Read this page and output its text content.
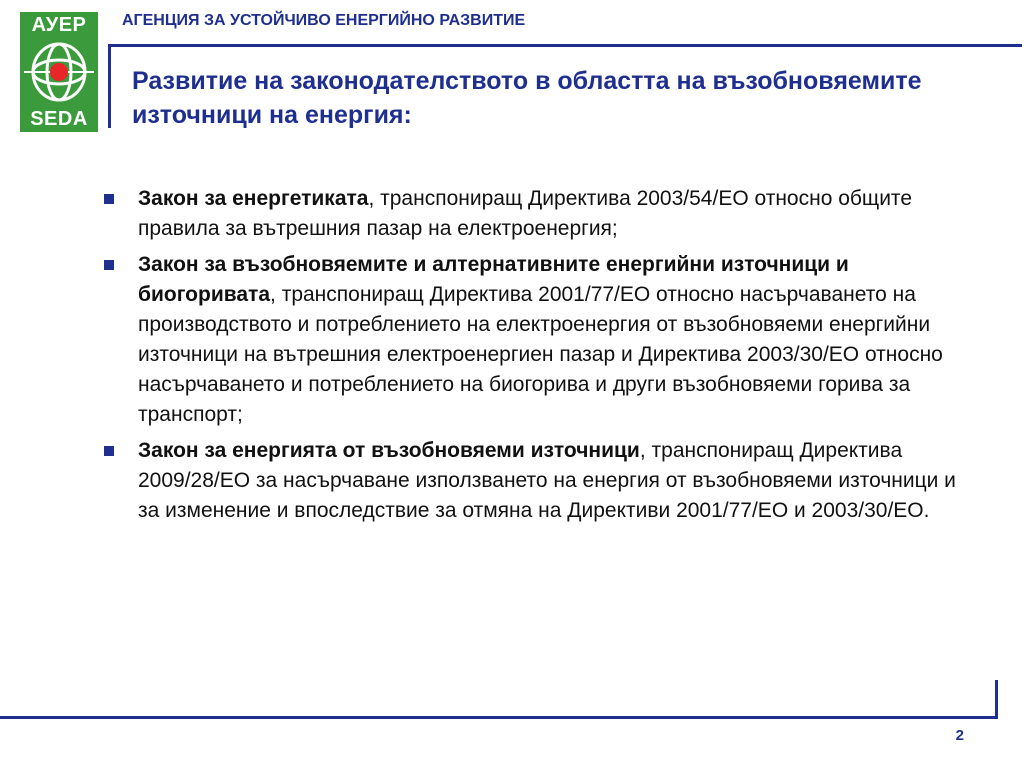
АУЕР
SEDA
АГЕНЦИЯ ЗА УСТОЙЧИВО ЕНЕРГИЙНО РАЗВИТИЕ
Развитие на законодателството в областта на възобновяемите източници на енергия:
Закон за енергетиката, транспониращ Директива 2003/54/ЕО относно общите правила за вътрешния пазар на електроенергия;
Закон за възобновяемите и алтернативните енергийни източници и биогоривата, транспониращ Директива 2001/77/ЕО относно насърчаването на производството и потреблението на електроенергия от възобновяеми енергийни източници на вътрешния електроенергиен пазар и Директива 2003/30/ЕО относно насърчаването и потреблението на биогорива и други възобновяеми горива за транспорт;
Закон за енергията от възобновяеми източници, транспониращ Директива 2009/28/ЕО за насърчаване използването на енергия от възобновяеми източници и за изменение и впоследствие за отмяна на Директиви 2001/77/ЕО и 2003/30/ЕО.
2
